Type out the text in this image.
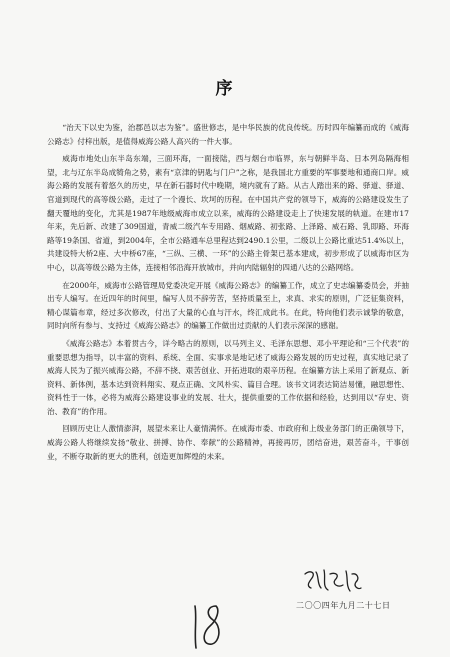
序

“治天下以史为鉴，治郡邑以志为鉴”。盛世修志，是中华民族的优良传统。历时四年编纂而成的《威海公路志》付梓出版，是值得威海公路人高兴的一件大事。

威海市地处山东半岛东端，三面环海，一面接陆，西与烟台市临界，东与朝鲜半岛、日本列岛隔海相望，北与辽东半岛成犄角之势，素有“京津的钥匙与门户”之称，是我国北方重要的军事要地和通商口岸。威海公路的发展有着悠久的历史，早在新石器时代中晚期，境内就有了路。从古人踏出来的路、驿道、驿道、官道到现代的高等级公路，走过了一个漫长、坎坷的历程。在中国共产党的领导下，威海的公路建设发生了翻天覆地的变化，尤其是1987年地级威海市成立以来，威海的公路建设走上了快速发展的轨道。在建市17年来，先后新、改建了309国道，青威二级汽车专用路、烟威路、初张路、上泽路、威石路、乳即路、环海路等19条国、省道，到2004年，全市公路通车总里程达到2490.1公里，二级以上公路比重达51.4%以上，共建设特大桥2座、大中桥67座，“三纵、三横、一环”的公路主骨架已基本建成，初步形成了以威海市区为中心，以高等级公路为主体，连接相邻沿海开放城市，并向内陆辐射的四通八达的公路网络。

在2000年，威海市公路管理局党委决定开展《威海公路志》的编纂工作，成立了史志编纂委员会，并抽出专人编写。在近四年的时间里，编写人员不辞劳苦，坚持质量至上，求真、求实的原则，广泛征集资料，精心谋篇布章，经过多次修改，付出了大量的心血与汗水，终汇成此书。在此，特向他们表示诚挚的敬意，同时向所有参与、支持过《威海公路志》的编纂工作做出过贡献的人们表示深深的感谢。

《威海公路志》本着贯古今，详今略古的原则，以马列主义、毛泽东思想、邓小平理论和“三个代表”的重要思想为指导，以丰富的资料、系统、全面、实事求是地记述了威海公路发展的历史过程，真实地记录了威海人民为了振兴威海公路，不辞不挠、艰苦创业、开拓进取的艰辛历程。在编纂方法上采用了新观点、新资料、新体例，基本达到资料翔实、观点正确、文风朴实、篇目合理。该书文词表达简洁易懂，融思想性、资料性于一体，必将为威海公路建设事业的发展、壮大，提供重要的工作依据和经验，达到用以“存史、资治、教育”的作用。

回顾历史让人激情澎湃，展望未来让人豪情满怀。在威海市委、市政府和上级业务部门的正确领导下，威海公路人将继续发扬“敬业、拼搏、协作、奉献”的公路精神，再接再厉，团结奋进，艰苦奋斗，干事创业，不断夺取新的更大的胜利，创造更加辉煌的未来。

二〇〇四年九月二十七日
